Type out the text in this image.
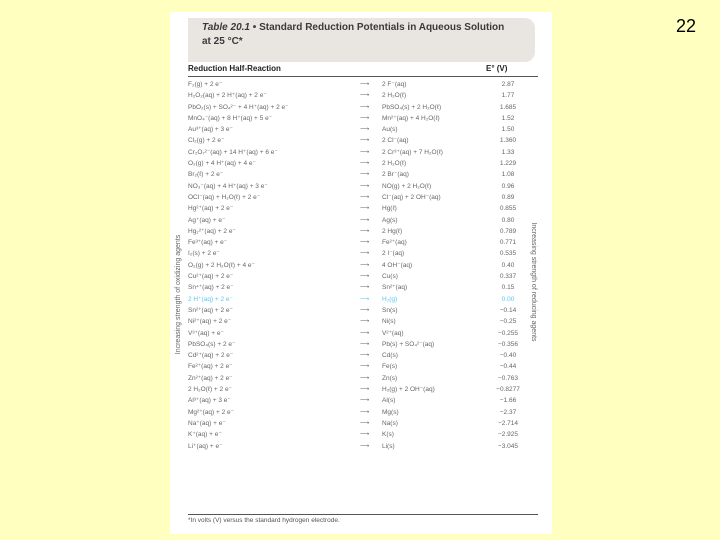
22
Table 20.1 • Standard Reduction Potentials in Aqueous Solution
at 25 °C*
Reduction Half-Reaction	E° (V)
F₂(g) + 2 e⁻	⟶ 2 F⁻(aq)	2.87
H₂O₂(aq) + 2 H⁺(aq) + 2 e⁻	⟶ 2 H₂O(ℓ)	1.77
PbO₂(s) + SO₄²⁻ + 4 H⁺(aq) + 2 e⁻	⟶ PbSO₄(s) + 2 H₂O(ℓ)	1.685
MnO₄⁻(aq) + 8 H⁺(aq) + 5 e⁻	⟶ Mn²⁺(aq) + 4 H₂O(ℓ)	1.52
Au³⁺(aq) + 3 e⁻	⟶ Au(s)	1.50
Cl₂(g) + 2 e⁻	⟶ 2 Cl⁻(aq)	1.360
Cr₂O₇²⁻(aq) + 14 H⁺(aq) + 6 e⁻	⟶ 2 Cr³⁺(aq) + 7 H₂O(ℓ)	1.33
O₂(g) + 4 H⁺(aq) + 4 e⁻	⟶ 2 H₂O(ℓ)	1.229
Br₂(ℓ) + 2 e⁻	⟶ 2 Br⁻(aq)	1.08
NO₃⁻(aq) + 4 H⁺(aq) + 3 e⁻	⟶ NO(g) + 2 H₂O(ℓ)	0.96
OCl⁻(aq) + H₂O(ℓ) + 2 e⁻	⟶ Cl⁻(aq) + 2 OH⁻(aq)	0.89
Hg²⁺(aq) + 2 e⁻	⟶ Hg(ℓ)	0.855
Ag⁺(aq) + e⁻	⟶ Ag(s)	0.80
Hg₂²⁺(aq) + 2 e⁻	⟶ 2 Hg(ℓ)	0.789
Fe³⁺(aq) + e⁻	⟶ Fe²⁺(aq)	0.771
I₂(s) + 2 e⁻	⟶ 2 I⁻(aq)	0.535
O₂(g) + 2 H₂O(ℓ) + 4 e⁻	⟶ 4 OH⁻(aq)	0.40
Cu²⁺(aq) + 2 e⁻	⟶ Cu(s)	0.337
Sn⁴⁺(aq) + 2 e⁻	⟶ Sn²⁺(aq)	0.15
2 H⁺(aq) + 2 e⁻	⟶ H₂(g)	0.00
Sn²⁺(aq) + 2 e⁻	⟶ Sn(s)	−0.14
Ni²⁺(aq) + 2 e⁻	⟶ Ni(s)	−0.25
V³⁺(aq) + e⁻	⟶ V²⁺(aq)	−0.255
PbSO₄(s) + 2 e⁻	⟶ Pb(s) + SO₄²⁻(aq)	−0.356
Cd²⁺(aq) + 2 e⁻	⟶ Cd(s)	−0.40
Fe²⁺(aq) + 2 e⁻	⟶ Fe(s)	−0.44
Zn²⁺(aq) + 2 e⁻	⟶ Zn(s)	−0.763
2 H₂O(ℓ) + 2 e⁻	⟶ H₂(g) + 2 OH⁻(aq)	−0.8277
Al³⁺(aq) + 3 e⁻	⟶ Al(s)	−1.66
Mg²⁺(aq) + 2 e⁻	⟶ Mg(s)	−2.37
Na⁺(aq) + e⁻	⟶ Na(s)	−2.714
K⁺(aq) + e⁻	⟶ K(s)	−2.925
Li⁺(aq) + e⁻	⟶ Li(s)	−3.045
Increasing strength of oxidizing agents	Increasing strength of reducing agents
*In volts (V) versus the standard hydrogen electrode.
